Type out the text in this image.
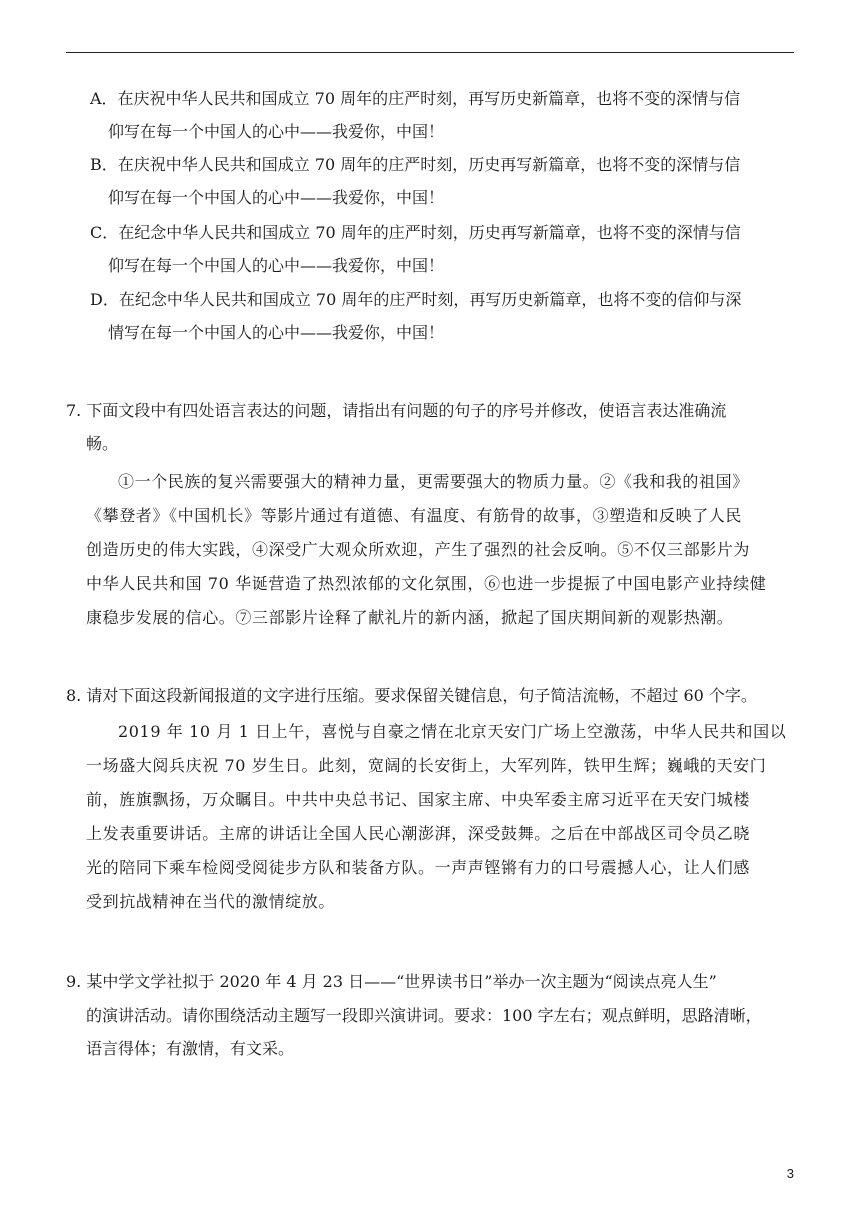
A．在庆祝中华人民共和国成立 70 周年的庄严时刻，再写历史新篇章，也将不变的深情与信
仰写在每一个中国人的心中——我爱你，中国！
B．在庆祝中华人民共和国成立 70 周年的庄严时刻，历史再写新篇章，也将不变的深情与信
仰写在每一个中国人的心中——我爱你，中国！
C．在纪念中华人民共和国成立 70 周年的庄严时刻，历史再写新篇章，也将不变的深情与信
仰写在每一个中国人的心中——我爱你，中国！
D．在纪念中华人民共和国成立 70 周年的庄严时刻，再写历史新篇章，也将不变的信仰与深
情写在每一个中国人的心中——我爱你，中国！
7. 下面文段中有四处语言表达的问题，请指出有问题的句子的序号并修改，使语言表达准确流
畅。
①一个民族的复兴需要强大的精神力量，更需要强大的物质力量。②《我和我的祖国》
《攀登者》《中国机长》等影片通过有道德、有温度、有筋骨的故事，③塑造和反映了人民
创造历史的伟大实践，④深受广大观众所欢迎，产生了强烈的社会反响。⑤不仅三部影片为
中华人民共和国 70 华诞营造了热烈浓郁的文化氛围，⑥也进一步提振了中国电影产业持续健
康稳步发展的信心。⑦三部影片诠释了献礼片的新内涵，掀起了国庆期间新的观影热潮。
8. 请对下面这段新闻报道的文字进行压缩。要求保留关键信息，句子简洁流畅，不超过 60 个字。
2019 年 10 月 1 日上午，喜悦与自豪之情在北京天安门广场上空激荡，中华人民共和国以
一场盛大阅兵庆祝 70 岁生日。此刻，宽阔的长安街上，大军列阵，铁甲生辉；巍峨的天安门
前，旌旗飘扬，万众瞩目。中共中央总书记、国家主席、中央军委主席习近平在天安门城楼
上发表重要讲话。主席的讲话让全国人民心潮澎湃，深受鼓舞。之后在中部战区司令员乙晓
光的陪同下乘车检阅受阅徒步方队和装备方队。一声声铿锵有力的口号震撼人心，让人们感
受到抗战精神在当代的激情绽放。
9. 某中学文学社拟于 2020 年 4 月 23 日——“世界读书日”举办一次主题为“阅读点亮人生”
的演讲活动。请你围绕活动主题写一段即兴演讲词。要求：100 字左右；观点鲜明，思路清晰，
语言得体；有激情，有文采。
3
